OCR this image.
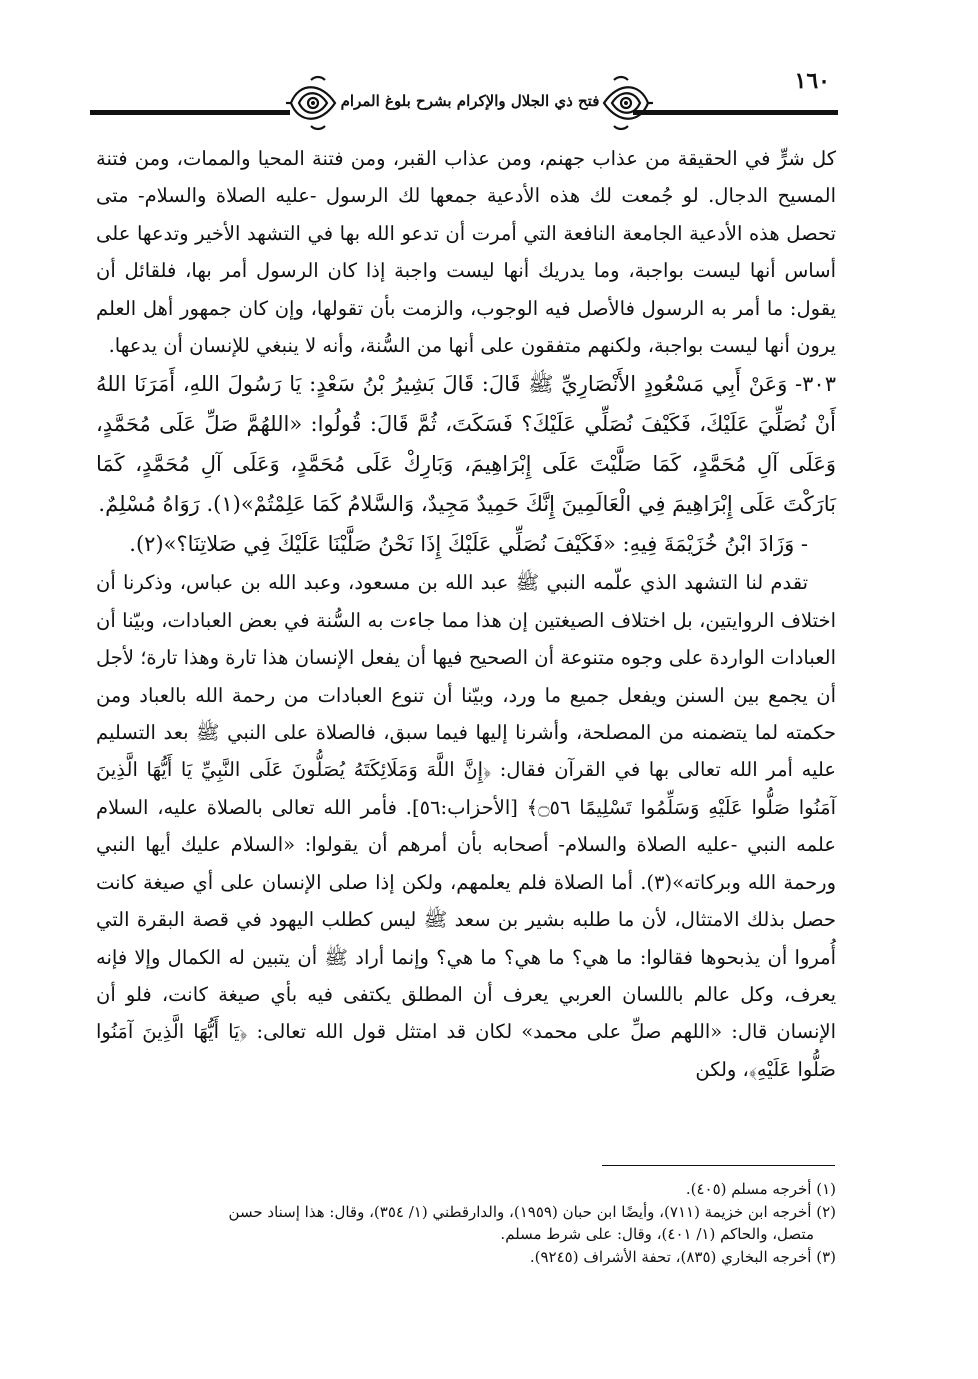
١٦٠
فتح ذي الجلال والإكرام بشرح بلوغ المرام

كل شرٍّ في الحقيقة من عذاب جهنم، ومن عذاب القبر، ومن فتنة المحيا والممات، ومن فتنة المسيح الدجال. لو جُمعت لك هذه الأدعية جمعها لك الرسول -عليه الصلاة والسلام- متى تحصل هذه الأدعية الجامعة النافعة التي أمرت أن تدعو الله بها في التشهد الأخير وتدعها على أساس أنها ليست بواجبة، وما يدريك أنها ليست واجبة إذا كان الرسول أمر بها، فلقائل أن يقول: ما أمر به الرسول فالأصل فيه الوجوب، والزمت بأن تقولها، وإن كان جمهور أهل العلم يرون أنها ليست بواجبة، ولكنهم متفقون على أنها من السُّنة، وأنه لا ينبغي للإنسان أن يدعها.

٣٠٣- وَعَنْ أَبِي مَسْعُودٍ الأَنْصَارِيِّ ﷺ قَالَ: قَالَ بَشِيرُ بْنُ سَعْدٍ: يَا رَسُولَ اللهِ، أَمَرَنَا اللهُ أَنْ نُصَلِّيَ عَلَيْكَ، فَكَيْفَ نُصَلِّي عَلَيْكَ؟ فَسَكَتَ، ثُمَّ قَالَ: قُولُوا: «اللهُمَّ صَلِّ عَلَى مُحَمَّدٍ، وَعَلَى آلِ مُحَمَّدٍ، كَمَا صَلَّيْتَ عَلَى إِبْرَاهِيمَ، وَبَارِكْ عَلَى مُحَمَّدٍ، وَعَلَى آلِ مُحَمَّدٍ، كَمَا بَارَكْتَ عَلَى إِبْرَاهِيمَ فِي الْعَالَمِينَ إِنَّكَ حَمِيدٌ مَجِيدٌ، وَالسَّلامُ كَمَا عَلِمْتُمْ»(١). رَوَاهُ مُسْلِمٌ.

- وَزَادَ ابْنُ خُزَيْمَةَ فِيهِ: «فَكَيْفَ نُصَلِّي عَلَيْكَ إِذَا نَحْنُ صَلَّيْنَا عَلَيْكَ فِي صَلاتِنَا؟»(٢).

تقدم لنا التشهد الذي علّمه النبي ﷺ عبد الله بن مسعود، وعبد الله بن عباس، وذكرنا أن اختلاف الروايتين، بل اختلاف الصيغتين إن هذا مما جاءت به السُّنة في بعض العبادات، وبيّنا أن العبادات الواردة على وجوه متنوعة أن الصحيح فيها أن يفعل الإنسان هذا تارة وهذا تارة؛ لأجل أن يجمع بين السنن ويفعل جميع ما ورد، وبيّنا أن تنوع العبادات من رحمة الله بالعباد ومن حكمته لما يتضمنه من المصلحة، وأشرنا إليها فيما سبق، فالصلاة على النبي ﷺ بعد التسليم عليه أمر الله تعالى بها في القرآن فقال: ﴿إِنَّ اللَّهَ وَمَلَائِكَتَهُ يُصَلُّونَ عَلَى النَّبِيِّ يَا أَيُّهَا الَّذِينَ آمَنُوا صَلُّوا عَلَيْهِ وَسَلِّمُوا تَسْلِيمًا ۝٥٦﴾ [الأحزاب:٥٦]. فأمر الله تعالى بالصلاة عليه، السلام علمه النبي -عليه الصلاة والسلام- أصحابه بأن أمرهم أن يقولوا: «السلام عليك أيها النبي ورحمة الله وبركاته»(٣). أما الصلاة فلم يعلمهم، ولكن إذا صلى الإنسان على أي صيغة كانت حصل بذلك الامتثال، لأن ما طلبه بشير بن سعد ﷺ ليس كطلب اليهود في قصة البقرة التي أُمروا أن يذبحوها فقالوا: ما هي؟ ما هي؟ ما هي؟ وإنما أراد ﷺ أن يتبين له الكمال وإلا فإنه يعرف، وكل عالم باللسان العربي يعرف أن المطلق يكتفى فيه بأي صيغة كانت، فلو أن الإنسان قال: «اللهم صلِّ على محمد» لكان قد امتثل قول الله تعالى: ﴿يَا أَيُّهَا الَّذِينَ آمَنُوا صَلُّوا عَلَيْهِ﴾، ولكن

(١) أخرجه مسلم (٤٠٥).

(٢) أخرجه ابن خزيمة (٧١١)، وأيضًا ابن حبان (١٩٥٩)، والدارقطني (١/ ٣٥٤)، وقال: هذا إسناد حسن

متصل، والحاكم (١/ ٤٠١)، وقال: على شرط مسلم.

(٣) أخرجه البخاري (٨٣٥)، تحفة الأشراف (٩٢٤٥).
